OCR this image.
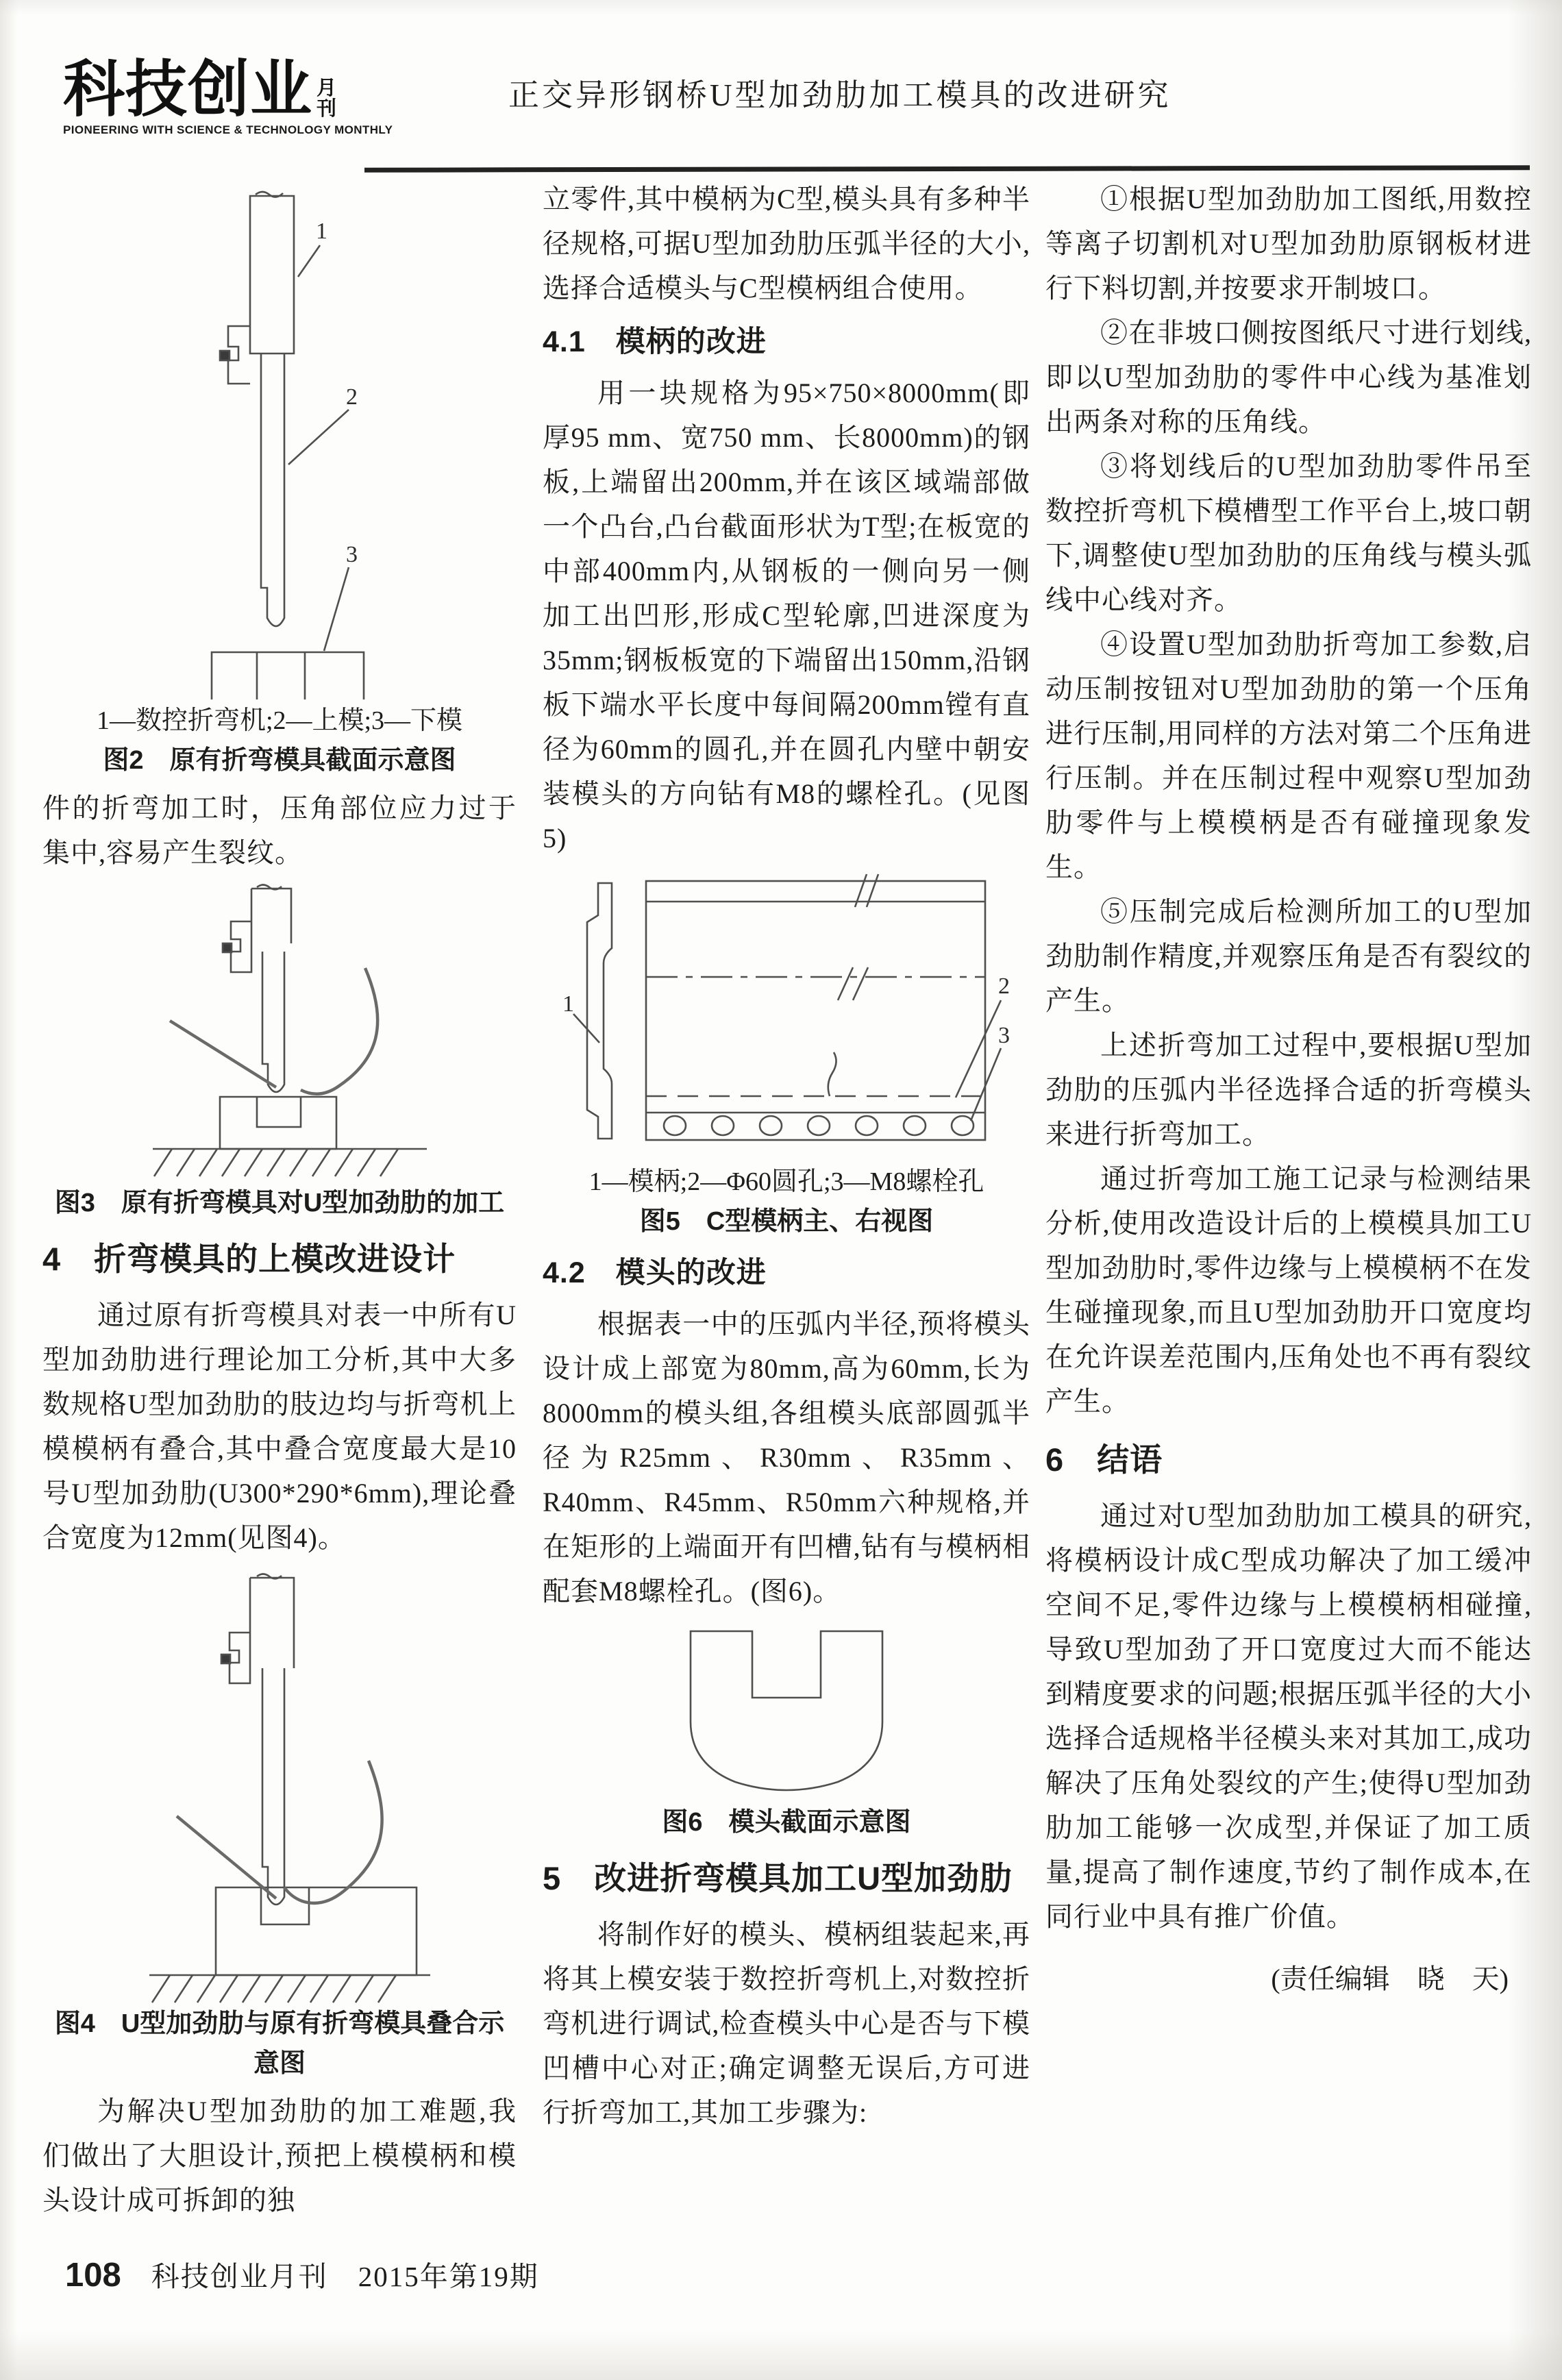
科技创业 月
刊
PIONEERING WITH SCIENCE & TECHNOLOGY MONTHLY
正交异形钢桥U型加劲肋加工模具的改进研究
1
2
3

1—数控折弯机;2—上模;3—下模

图2　原有折弯模具截面示意图

件的折弯加工时，压角部位应力过于集中,容易产生裂纹。

图3　原有折弯模具对U型加劲肋的加工

4　折弯模具的上模改进设计

通过原有折弯模具对表一中所有U型加劲肋进行理论加工分析,其中大多数规格U型加劲肋的肢边均与折弯机上模模柄有叠合,其中叠合宽度最大是10号U型加劲肋(U300*290*6mm),理论叠合宽度为12mm(见图4)。

图4　U型加劲肋与原有折弯模具叠合示意图

为解决U型加劲肋的加工难题,我们做出了大胆设计,预把上模模柄和模头设计成可拆卸的独

立零件,其中模柄为C型,模头具有多种半径规格,可据U型加劲肋压弧半径的大小,选择合适模头与C型模柄组合使用。

4.1　模柄的改进

用一块规格为95×750×8000mm(即厚95 mm、宽750 mm、长8000mm)的钢板,上端留出200mm,并在该区域端部做一个凸台,凸台截面形状为T型;在板宽的中部400mm内,从钢板的一侧向另一侧加工出凹形,形成C型轮廓,凹进深度为35mm;钢板板宽的下端留出150mm,沿钢板下端水平长度中每间隔200mm镗有直径为60mm的圆孔,并在圆孔内壁中朝安装模头的方向钻有M8的螺栓孔。(见图5)

1
2
3

1—模柄;2—Φ60圆孔;3—M8螺栓孔

图5　C型模柄主、右视图

4.2　模头的改进

根据表一中的压弧内半径,预将模头设计成上部宽为80mm,高为60mm,长为8000mm的模头组,各组模头底部圆弧半径为R25mm、R30mm、R35mm、R40mm、R45mm、R50mm六种规格,并在矩形的上端面开有凹槽,钻有与模柄相配套M8螺栓孔。(图6)。

图6　模头截面示意图

5　改进折弯模具加工U型加劲肋

将制作好的模头、模柄组装起来,再将其上模安装于数控折弯机上,对数控折弯机进行调试,检查模头中心是否与下模凹槽中心对正;确定调整无误后,方可进行折弯加工,其加工步骤为:

①根据U型加劲肋加工图纸,用数控等离子切割机对U型加劲肋原钢板材进行下料切割,并按要求开制坡口。

②在非坡口侧按图纸尺寸进行划线,即以U型加劲肋的零件中心线为基准划出两条对称的压角线。

③将划线后的U型加劲肋零件吊至数控折弯机下模槽型工作平台上,坡口朝下,调整使U型加劲肋的压角线与模头弧线中心线对齐。

④设置U型加劲肋折弯加工参数,启动压制按钮对U型加劲肋的第一个压角进行压制,用同样的方法对第二个压角进行压制。并在压制过程中观察U型加劲肋零件与上模模柄是否有碰撞现象发生。

⑤压制完成后检测所加工的U型加劲肋制作精度,并观察压角是否有裂纹的产生。

上述折弯加工过程中,要根据U型加劲肋的压弧内半径选择合适的折弯模头来进行折弯加工。

通过折弯加工施工记录与检测结果分析,使用改造设计后的上模模具加工U型加劲肋时,零件边缘与上模模柄不在发生碰撞现象,而且U型加劲肋开口宽度均在允许误差范围内,压角处也不再有裂纹产生。

6　结语

通过对U型加劲肋加工模具的研究,将模柄设计成C型成功解决了加工缓冲空间不足,零件边缘与上模模柄相碰撞,导致U型加劲了开口宽度过大而不能达到精度要求的问题;根据压弧半径的大小选择合适规格半径模头来对其加工,成功解决了压角处裂纹的产生;使得U型加劲肋加工能够一次成型,并保证了加工质量,提高了制作速度,节约了制作成本,在同行业中具有推广价值。

(责任编辑　晓　天)

108 科技创业月刊 2015年第19期
